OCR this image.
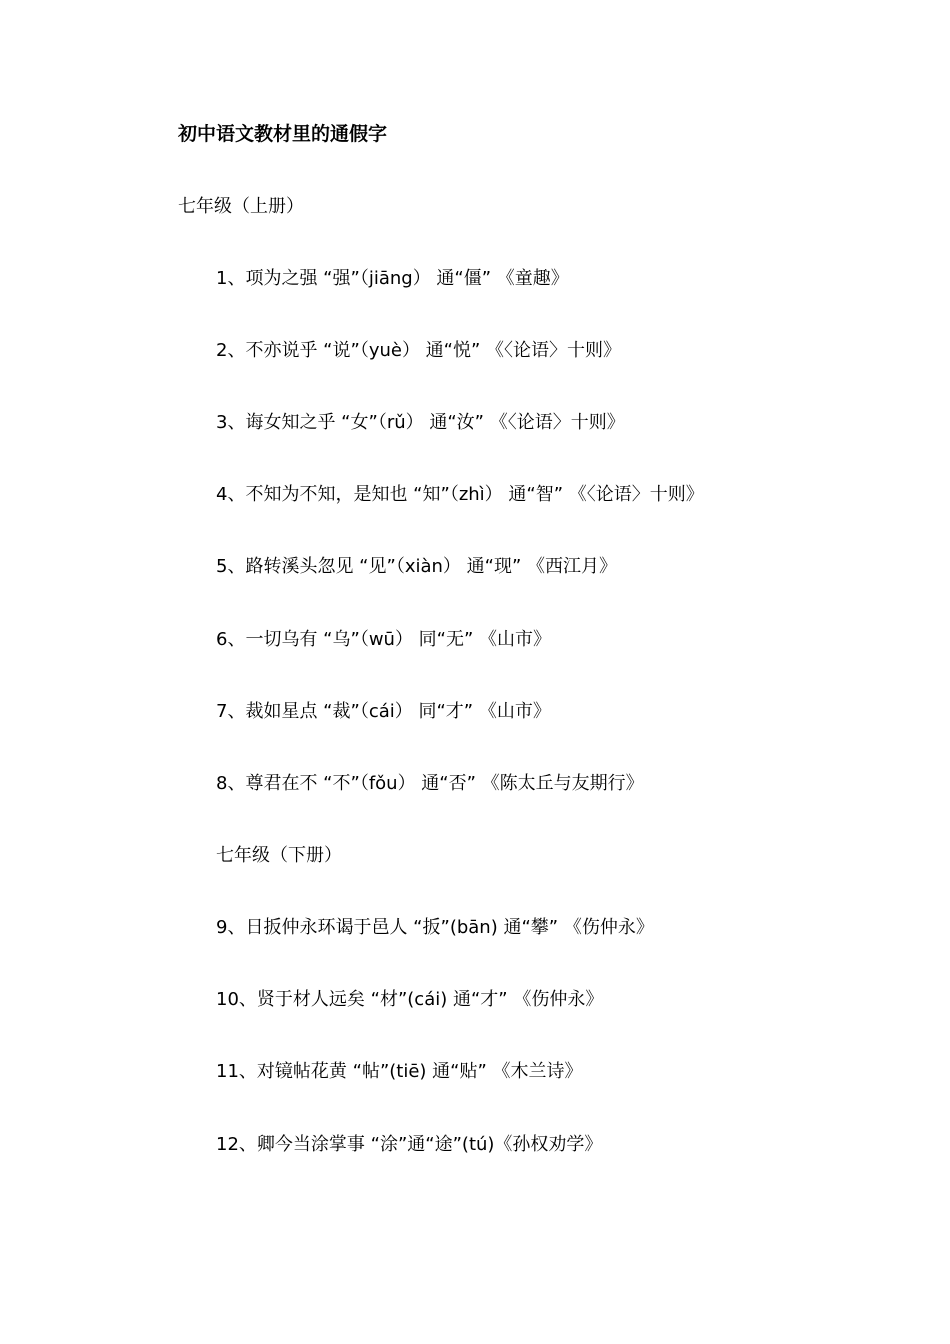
初中语文教材里的通假字
七年级（上册）
1、项为之强 “强”（jiāng） 通“僵” 《童趣》
2、不亦说乎 “说”（yuè） 通“悦” 《〈论语〉十则》
3、诲女知之乎 “女”（rǔ） 通“汝” 《〈论语〉十则》
4、不知为不知，是知也 “知”（zhì） 通“智” 《〈论语〉十则》
5、路转溪头忽见 “见”（xiàn） 通“现” 《西江月》
6、一切乌有 “乌”（wū） 同“无” 《山市》
7、裁如星点 “裁”（cái） 同“才” 《山市》
8、尊君在不 “不”（fǒu） 通“否” 《陈太丘与友期行》
七年级（下册）
9、日扳仲永环谒于邑人 “扳”(bān) 通“攀” 《伤仲永》
10、贤于材人远矣 “材”(cái) 通“才” 《伤仲永》
11、对镜帖花黄 “帖”(tiē) 通“贴” 《木兰诗》
12、卿今当涂掌事 “涂”通“途”(tú)《孙权劝学》
